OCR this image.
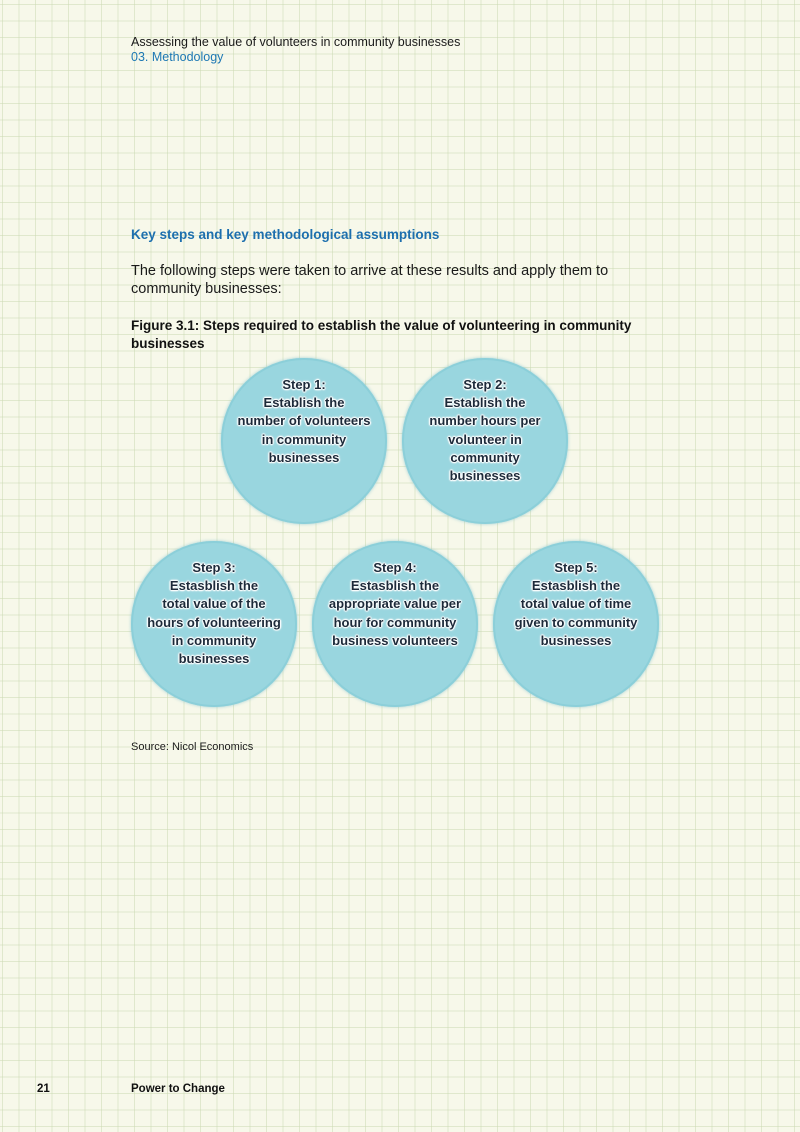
Assessing the value of volunteers in community businesses
03. Methodology
Key steps and key methodological assumptions
The following steps were taken to arrive at these results and apply them to community businesses:
Figure 3.1: Steps required to establish the value of volunteering in community businesses
Step 1:
Establish the
number of volunteers
in community
businesses
Step 2:
Establish the
number hours per
volunteer in
community
businesses
Step 3:
Estasblish the
total value of the
hours of volunteering
in community
businesses
Step 4:
Estasblish the
appropriate value per
hour for community
business volunteers
Step 5:
Estasblish the
total value of time
given to community
businesses
Source: Nicol Economics
21	Power to Change
